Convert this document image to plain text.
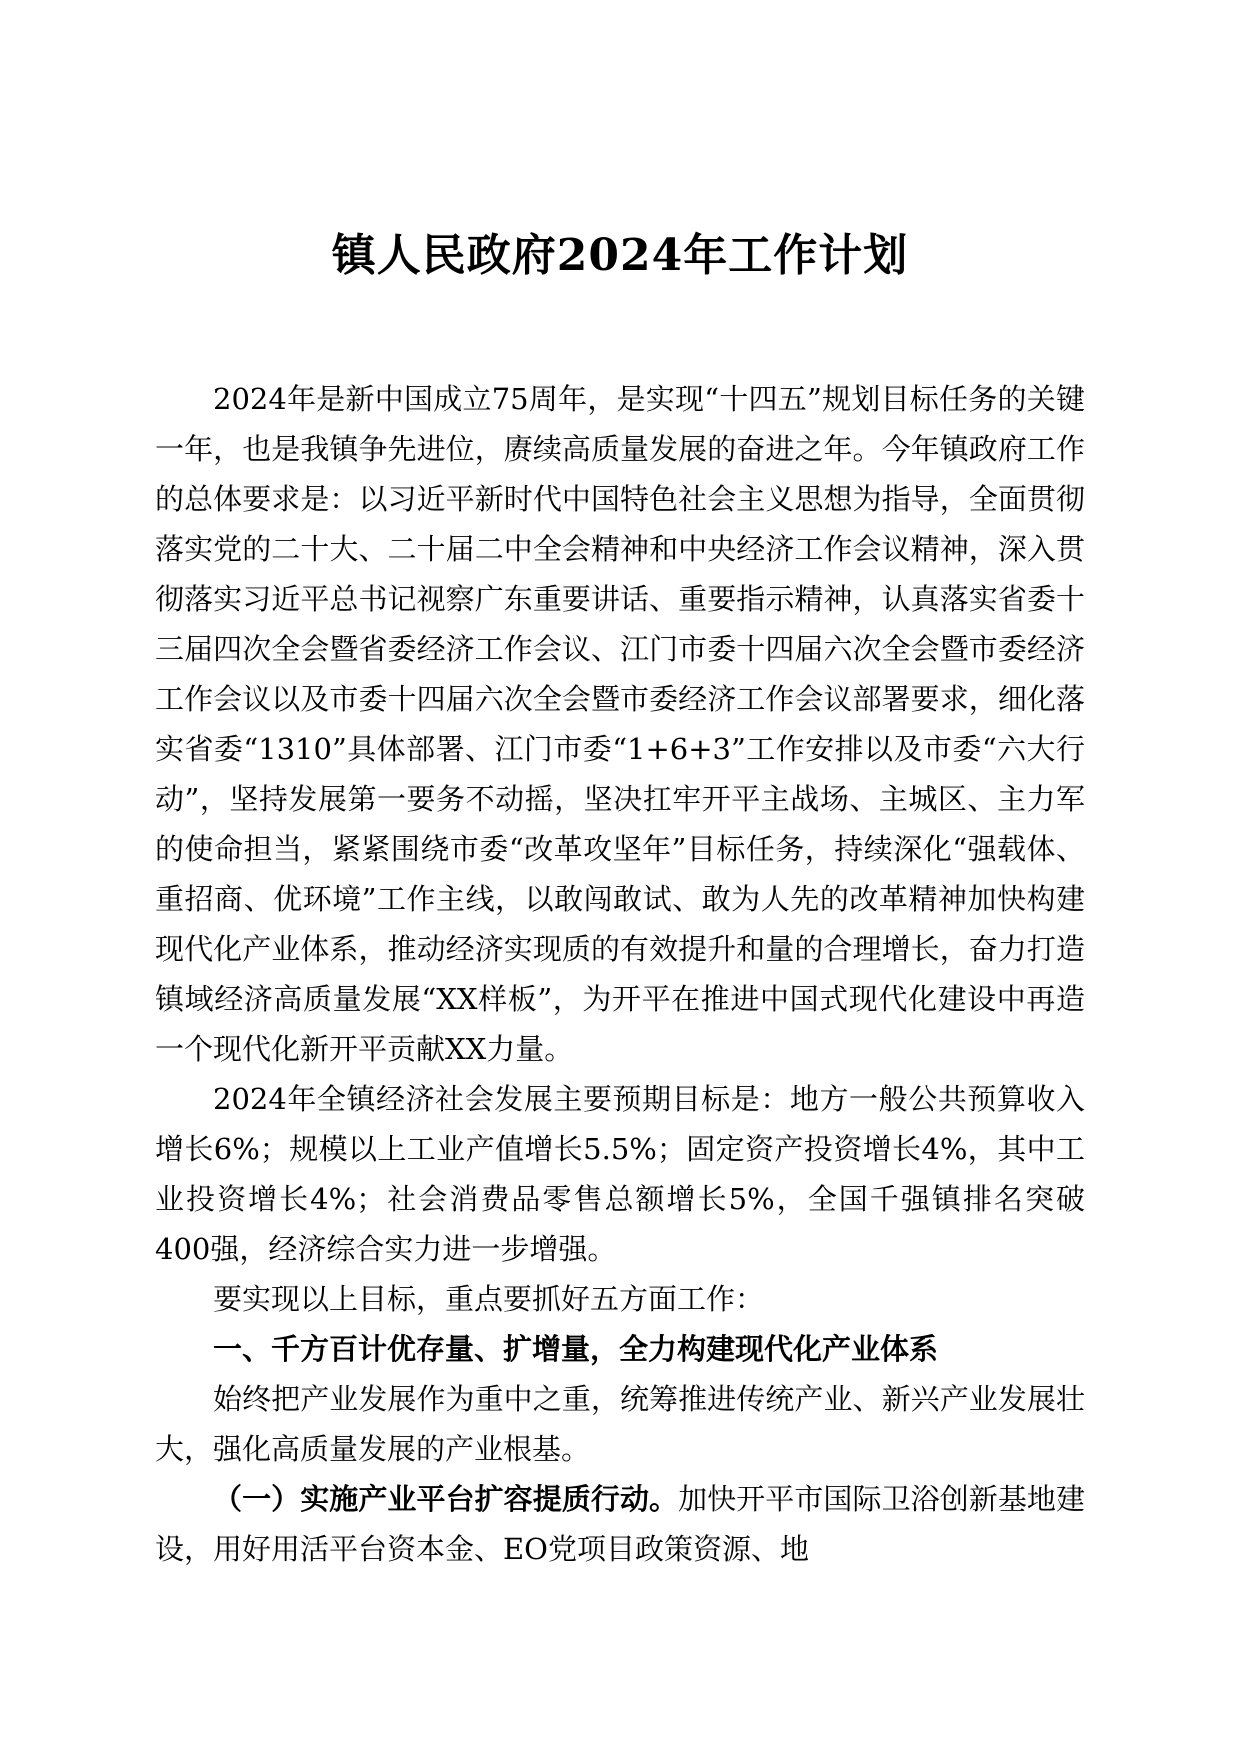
镇人民政府2024年工作计划

2024年是新中国成立75周年，是实现“十四五”规划目标任务的关键一年，也是我镇争先进位，赓续高质量发展的奋进之年。今年镇政府工作的总体要求是：以习近平新时代中国特色社会主义思想为指导，全面贯彻落实党的二十大、二十届二中全会精神和中央经济工作会议精神，深入贯彻落实习近平总书记视察广东重要讲话、重要指示精神，认真落实省委十三届四次全会暨省委经济工作会议、江门市委十四届六次全会暨市委经济工作会议以及市委十四届六次全会暨市委经济工作会议部署要求，细化落实省委“1310”具体部署、江门市委“1+6+3”工作安排以及市委“六大行动”，坚持发展第一要务不动摇，坚决扛牢开平主战场、主城区、主力军的使命担当，紧紧围绕市委“改革攻坚年”目标任务，持续深化“强载体、重招商、优环境”工作主线，以敢闯敢试、敢为人先的改革精神加快构建现代化产业体系，推动经济实现质的有效提升和量的合理增长，奋力打造镇域经济高质量发展“XX样板”，为开平在推进中国式现代化建设中再造一个现代化新开平贡献XX力量。

2024年全镇经济社会发展主要预期目标是：地方一般公共预算收入增长6%；规模以上工业产值增长5.5%；固定资产投资增长4%，其中工业投资增长4%；社会消费品零售总额增长5%，全国千强镇排名突破400强，经济综合实力进一步增强。

要实现以上目标，重点要抓好五方面工作：

一、千方百计优存量、扩增量，全力构建现代化产业体系

始终把产业发展作为重中之重，统筹推进传统产业、新兴产业发展壮大，强化高质量发展的产业根基。

（一）实施产业平台扩容提质行动。加快开平市国际卫浴创新基地建设，用好用活平台资本金、EO党项目政策资源、地
